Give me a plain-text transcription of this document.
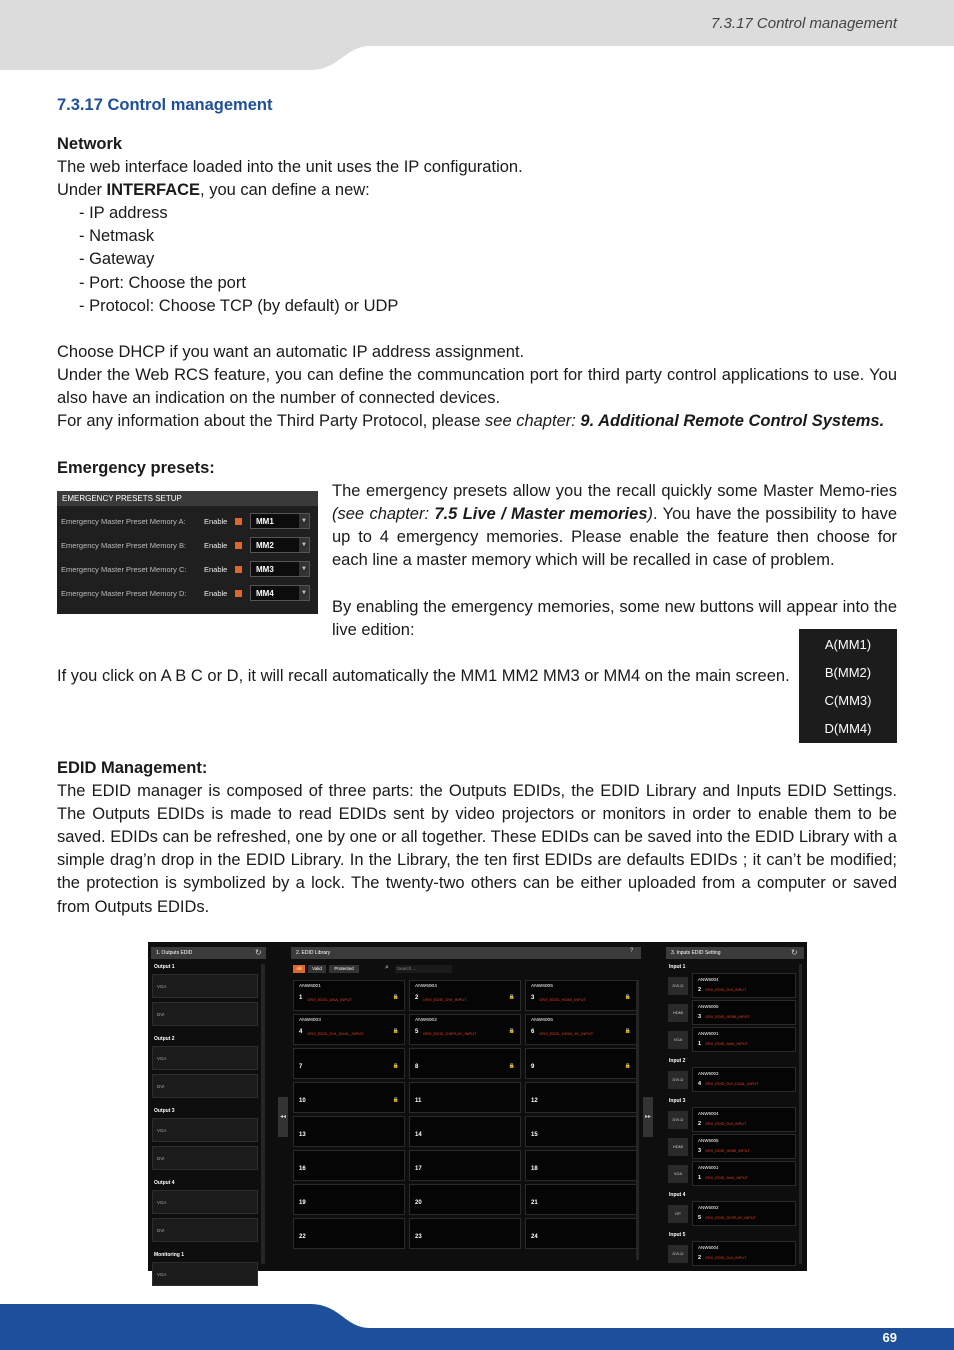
7.3.17 Control management
7.3.17 Control management
Network
The web interface loaded into the unit uses the IP configuration.
Under INTERFACE, you can define a new:
- IP address
- Netmask
- Gateway
- Port: Choose the port
- Protocol: Choose TCP (by default) or UDP
Choose DHCP if you want an automatic IP address assignment.
Under the Web RCS feature, you can define the communcation port for third party control applications to use. You also have an indication on the number of connected devices.
For any information about the Third Party Protocol, please see chapter: 9. Additional Remote Control Systems.
Emergency presets:
EMERGENCY PRESETS SETUP
Emergency Master Preset Memory A: Enable	MM1	▼
Emergency Master Preset Memory B: Enable	MM2	▼
Emergency Master Preset Memory C: Enable	MM3	▼
Emergency Master Preset Memory D: Enable	MM4	▼
The emergency presets allow you the recall quickly some Master Memo-ries (see chapter: 7.5 Live / Master memories). You have the possibility to have up to 4 emergency memories. Please enable the feature then choose for each line a master memory which will be recalled in case of problem.
By enabling the emergency memories, some new buttons will appear into the live edition:
If you click on A B C or D, it will recall automatically the MM1 MM2 MM3 or MM4 on the main screen.
A(MM1)
B(MM2)
C(MM3)
D(MM4)
EDID Management:
The EDID manager is composed of three parts: the Outputs EDIDs, the EDID Library and Inputs EDID Settings. The Outputs EDIDs is made to read EDIDs sent by video projectors or monitors in order to enable them to be saved. EDIDs can be refreshed, one by one or all together. These EDIDs can be saved into the EDID Library with a simple drag’n drop in the EDID Library. In the Library, the ten first EDIDs are defaults EDIDs ; it can’t be modified; the protection is symbolized by a lock. The twenty-two others can be either uploaded from a computer or saved from Outputs EDIDs.
1. Outputs EDID	↻
Output 1
VGA
DVI
Output 2
VGA
DVI
Output 3
VGA
DVI
Output 4
VGA
DVI
Monitoring 1
VGA
◂◂
2. EDID Library	?
All	Valid	Protected	⌕	Search ...
ANW6001
ORX_EDID_ANA_INPUT
1	🔒
ANW6004
ORX_EDID_DVI_INPUT
2	🔒
ANW6005
ORX_EDID_HDMI_INPUT
3	🔒
ANW6003
ORX_EDID_DVI_DUAL_INPUT
4	🔒
ANW6002
ORX_EDID_DISPLAY_INPUT
5	🔒
ANW6006
ORX_EDID_HDMI_4K_INPUT
6	🔒
7	🔒	8	🔒	9	🔒
10	🔒	11	12
13	14	15
16	17	18
19	20	21
22	23	24
▸▸
3. Inputs EDID Setting	↻
Input 1
DVI-D
ANW6004
2 ORX_EDID_DVI_INPUT
HDMI
ANW6005
3 ORX_EDID_HDMI_INPUT
VGA
ANW6001
1 ORX_EDID_ANA_INPUT
Input 2
DVI-D
ANW6003
4 ORX_EDID_DVI_DUAL_INPUT
Input 3
DVI-D
ANW6004
2 ORX_EDID_DVI_INPUT
HDMI
ANW6005
3 ORX_EDID_HDMI_INPUT
VGA
ANW6001
1 ORX_EDID_ANA_INPUT
Input 4
DP
ANW6002
5 ORX_EDID_DISPLAY_INPUT
Input 5
DVI-D
ANW6004
2 ORX_EDID_DVI_INPUT
69
